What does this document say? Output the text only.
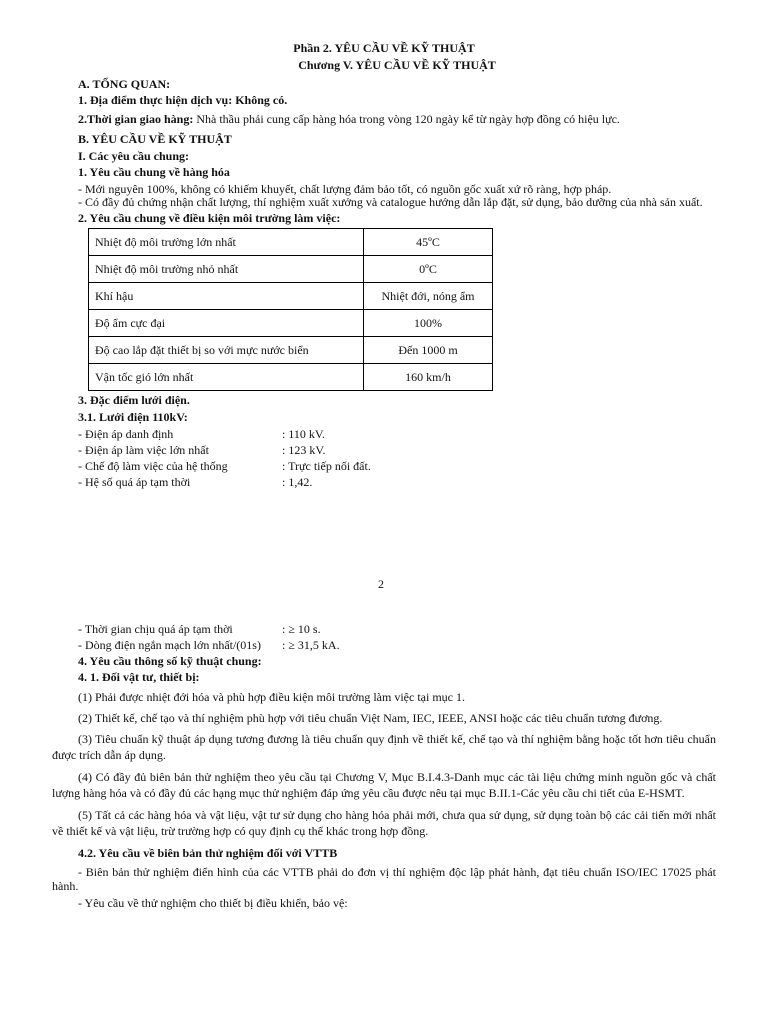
Phần 2. YÊU CẦU VỀ KỸ THUẬT
Chương V. YÊU CẦU VỀ KỸ THUẬT
A. TỔNG QUAN:
1. Địa điểm thực hiện dịch vụ: Không có.
2.Thời gian giao hàng: Nhà thầu phải cung cấp hàng hóa trong vòng 120 ngày kể từ ngày hợp đồng có hiệu lực.
B. YÊU CẦU VỀ KỸ THUẬT
I. Các yêu cầu chung:
1. Yêu cầu chung về hàng hóa
- Mới nguyên 100%, không có khiếm khuyết, chất lượng đảm bảo tốt, có nguồn gốc xuất xứ rõ ràng, hợp pháp.
- Có đầy đủ chứng nhận chất lượng, thí nghiệm xuất xưởng và catalogue hướng dẫn lắp đặt, sử dụng, bảo dưỡng của nhà sản xuất.
2. Yêu cầu chung về điều kiện môi trường làm việc:
Nhiệt độ môi trường lớn nhất	45ºC
Nhiệt độ môi trường nhỏ nhất	0ºC
Khí hậu	Nhiệt đới, nóng ẩm
Độ ẩm cực đại	100%
Độ cao lắp đặt thiết bị so với mực nước biển	Đến 1000 m
Vận tốc gió lớn nhất	160 km/h
3. Đặc điểm lưới điện.
3.1. Lưới điện 110kV:
- Điện áp danh định	: 110 kV.
- Điện áp làm việc lớn nhất	: 123 kV.
- Chế độ làm việc của hệ thống	: Trực tiếp nối đất.
- Hệ số quá áp tạm thời	: 1,42.
2
- Thời gian chịu quá áp tạm thời	: ≥ 10 s.
- Dòng điện ngắn mạch lớn nhất/(01s) : ≥ 31,5 kA.
4. Yêu cầu thông số kỹ thuật chung:
4. 1. Đối vật tư, thiết bị:
(1) Phải được nhiệt đới hóa và phù hợp điều kiện môi trường làm việc tại mục 1.
(2) Thiết kế, chế tạo và thí nghiệm phù hợp với tiêu chuẩn Việt Nam, IEC, IEEE, ANSI hoặc các tiêu chuẩn tương đương.
(3) Tiêu chuẩn kỹ thuật áp dụng tương đương là tiêu chuẩn quy định về thiết kế, chế tạo và thí nghiệm bằng hoặc tốt hơn tiêu chuẩn được trích dẫn áp dụng.
(4) Có đầy đủ biên bản thử nghiệm theo yêu cầu tại Chương V, Mục B.I.4.3-Danh mục các tài liệu chứng minh nguồn gốc và chất lượng hàng hóa và có đầy đủ các hạng mục thử nghiệm đáp ứng yêu cầu được nêu tại mục B.II.1-Các yêu cầu chi tiết của E-HSMT.
(5) Tất cả các hàng hóa và vật liệu, vật tư sử dụng cho hàng hóa phải mới, chưa qua sử dụng, sử dụng toàn bộ các cải tiến mới nhất về thiết kế và vật liệu, trừ trường hợp có quy định cụ thể khác trong hợp đồng.
4.2. Yêu cầu về biên bản thử nghiệm đối với VTTB
- Biên bản thử nghiệm điển hình của các VTTB phải do đơn vị thí nghiệm độc lập phát hành, đạt tiêu chuẩn ISO/IEC 17025 phát hành.
- Yêu cầu về thử nghiệm cho thiết bị điều khiển, bảo vệ:
